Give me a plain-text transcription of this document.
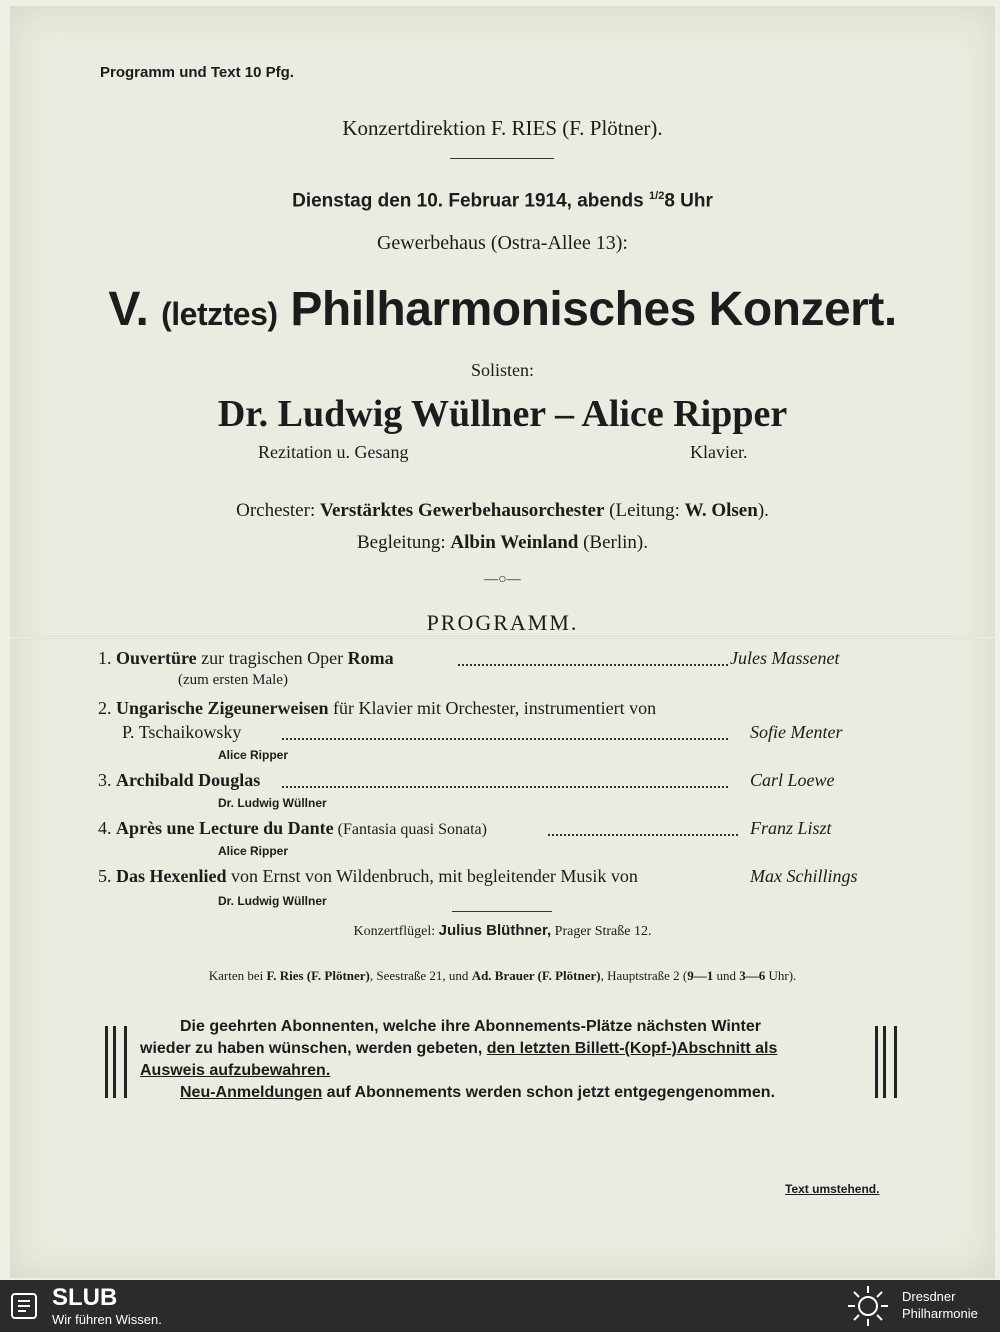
Programm und Text 10 Pfg.
Konzertdirektion F. RIES (F. Plötner).
Dienstag den 10. Februar 1914, abends $^{1/2}$8 Uhr
Gewerbehaus (Ostra-Allee 13):
V. (letztes) Philharmonisches Konzert.
Solisten:
Dr. Ludwig Wüllner – Alice Ripper
Rezitation u. Gesang	Klavier.
Orchester: Verstärktes Gewerbehausorchester (Leitung: W. Olsen).
Begleitung: Albin Weinland (Berlin).
—○—
PROGRAMM.
1. Ouvertüre zur tragischen Oper Roma	Jules Massenet
(zum ersten Male)
2. Ungarische Zigeunerweisen für Klavier mit Orchester, instrumentiert von
P. Tschaikowsky	Sofie Menter
Alice Ripper
3. Archibald Douglas	Carl Loewe
Dr. Ludwig Wüllner
4. Après une Lecture du Dante (Fantasia quasi Sonata)	Franz Liszt
Alice Ripper
5. Das Hexenlied von Ernst von Wildenbruch, mit begleitender Musik von	Max Schillings
Dr. Ludwig Wüllner
Konzertflügel: Julius Blüthner, Prager Straße 12.
Karten bei F. Ries (F. Plötner), Seestraße 21, und Ad. Brauer (F. Plötner), Hauptstraße 2 (9—1 und 3—6 Uhr).
Die geehrten Abonnenten, welche ihre Abonnements-Plätze nächsten Winter
wieder zu haben wünschen, werden gebeten, den letzten Billett-(Kopf-)Abschnitt als
Ausweis aufzubewahren.
Neu-Anmeldungen auf Abonnements werden schon jetzt entgegengenommen.
Text umstehend.
SLUB
Wir führen Wissen.
Dresdner
Philharmonie
